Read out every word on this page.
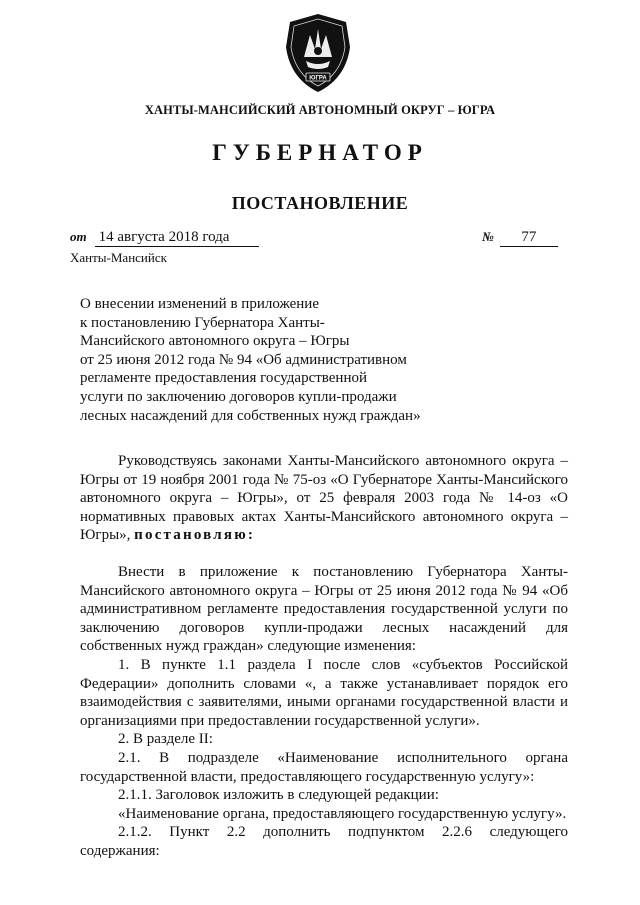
ЮГРА
ХАНТЫ-МАНСИЙСКИЙ АВТОНОМНЫЙ ОКРУГ – ЮГРА
ГУБЕРНАТОР
ПОСТАНОВЛЕНИЕ
от 14 августа 2018 года	№ 77
Ханты-Мансийск
О внесении изменений в приложение
к постановлению Губернатора Ханты-
Мансийского автономного округа – Югры
от 25 июня 2012 года № 94 «Об административном
регламенте предоставления государственной
услуги по заключению договоров купли-продажи
лесных насаждений для собственных нужд граждан»
Руководствуясь законами Ханты-Мансийского автономного округа – Югры от 19 ноября 2001 года № 75-оз «О Губернаторе Ханты-Мансийского автономного округа – Югры», от 25 февраля 2003 года № 14-оз «О нормативных правовых актах Ханты-Мансийского автономного округа – Югры», постановляю:
Внести в приложение к постановлению Губернатора Ханты-Мансийского автономного округа – Югры от 25 июня 2012 года № 94 «Об административном регламенте предоставления государственной услуги по заключению договоров купли-продажи лесных насаждений для собственных нужд граждан» следующие изменения:
1. В пункте 1.1 раздела I после слов «субъектов Российской Федерации» дополнить словами «, а также устанавливает порядок его взаимодействия с заявителями, иными органами государственной власти и организациями при предоставлении государственной услуги».
2. В разделе II:
2.1. В подразделе «Наименование исполнительного органа государственной власти, предоставляющего государственную услугу»:
2.1.1. Заголовок изложить в следующей редакции:
«Наименование органа, предоставляющего государственную услугу».
2.1.2. Пункт 2.2 дополнить подпунктом 2.2.6 следующего содержания:
